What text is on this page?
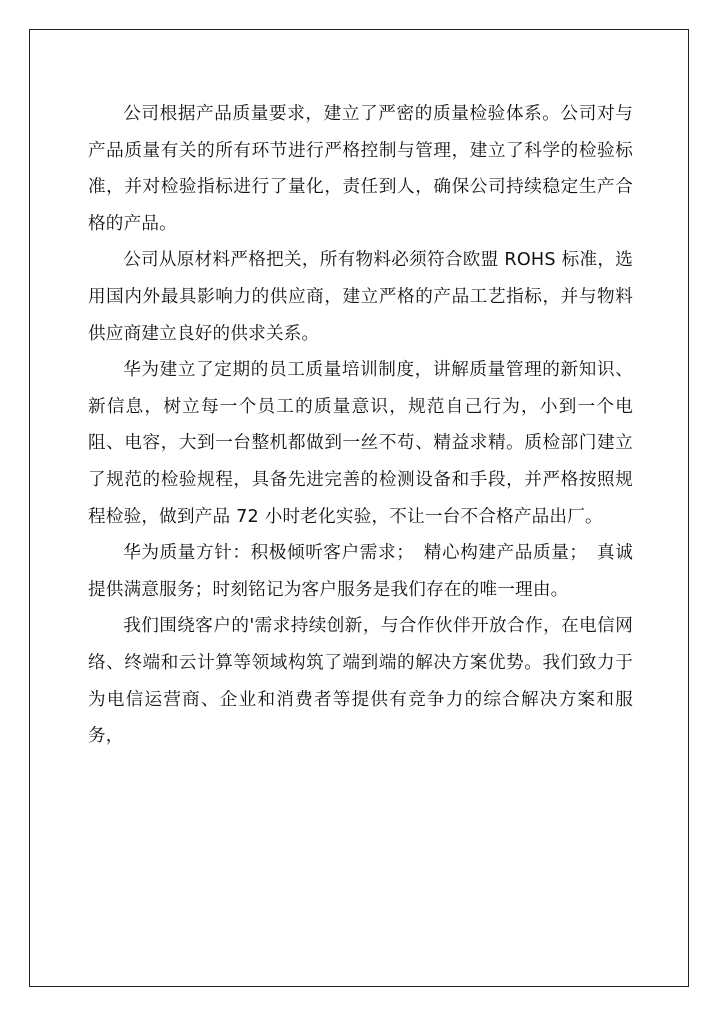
公司根据产品质量要求，建立了严密的质量检验体系。公司对与产品质量有关的所有环节进行严格控制与管理，建立了科学的检验标准，并对检验指标进行了量化，责任到人，确保公司持续稳定生产合格的产品。

公司从原材料严格把关，所有物料必须符合欧盟 ROHS 标准，选用国内外最具影响力的供应商，建立严格的产品工艺指标，并与物料供应商建立良好的供求关系。

华为建立了定期的员工质量培训制度，讲解质量管理的新知识、新信息，树立每一个员工的质量意识，规范自己行为，小到一个电阻、电容，大到一台整机都做到一丝不苟、精益求精。质检部门建立了规范的检验规程，具备先进完善的检测设备和手段，并严格按照规程检验，做到产品 72 小时老化实验，不让一台不合格产品出厂。

华为质量方针：积极倾听客户需求；　精心构建产品质量；　真诚提供满意服务；时刻铭记为客户服务是我们存在的唯一理由。

我们围绕客户的'需求持续创新，与合作伙伴开放合作，在电信网络、终端和云计算等领域构筑了端到端的解决方案优势。我们致力于为电信运营商、企业和消费者等提供有竞争力的综合解决方案和服务，
